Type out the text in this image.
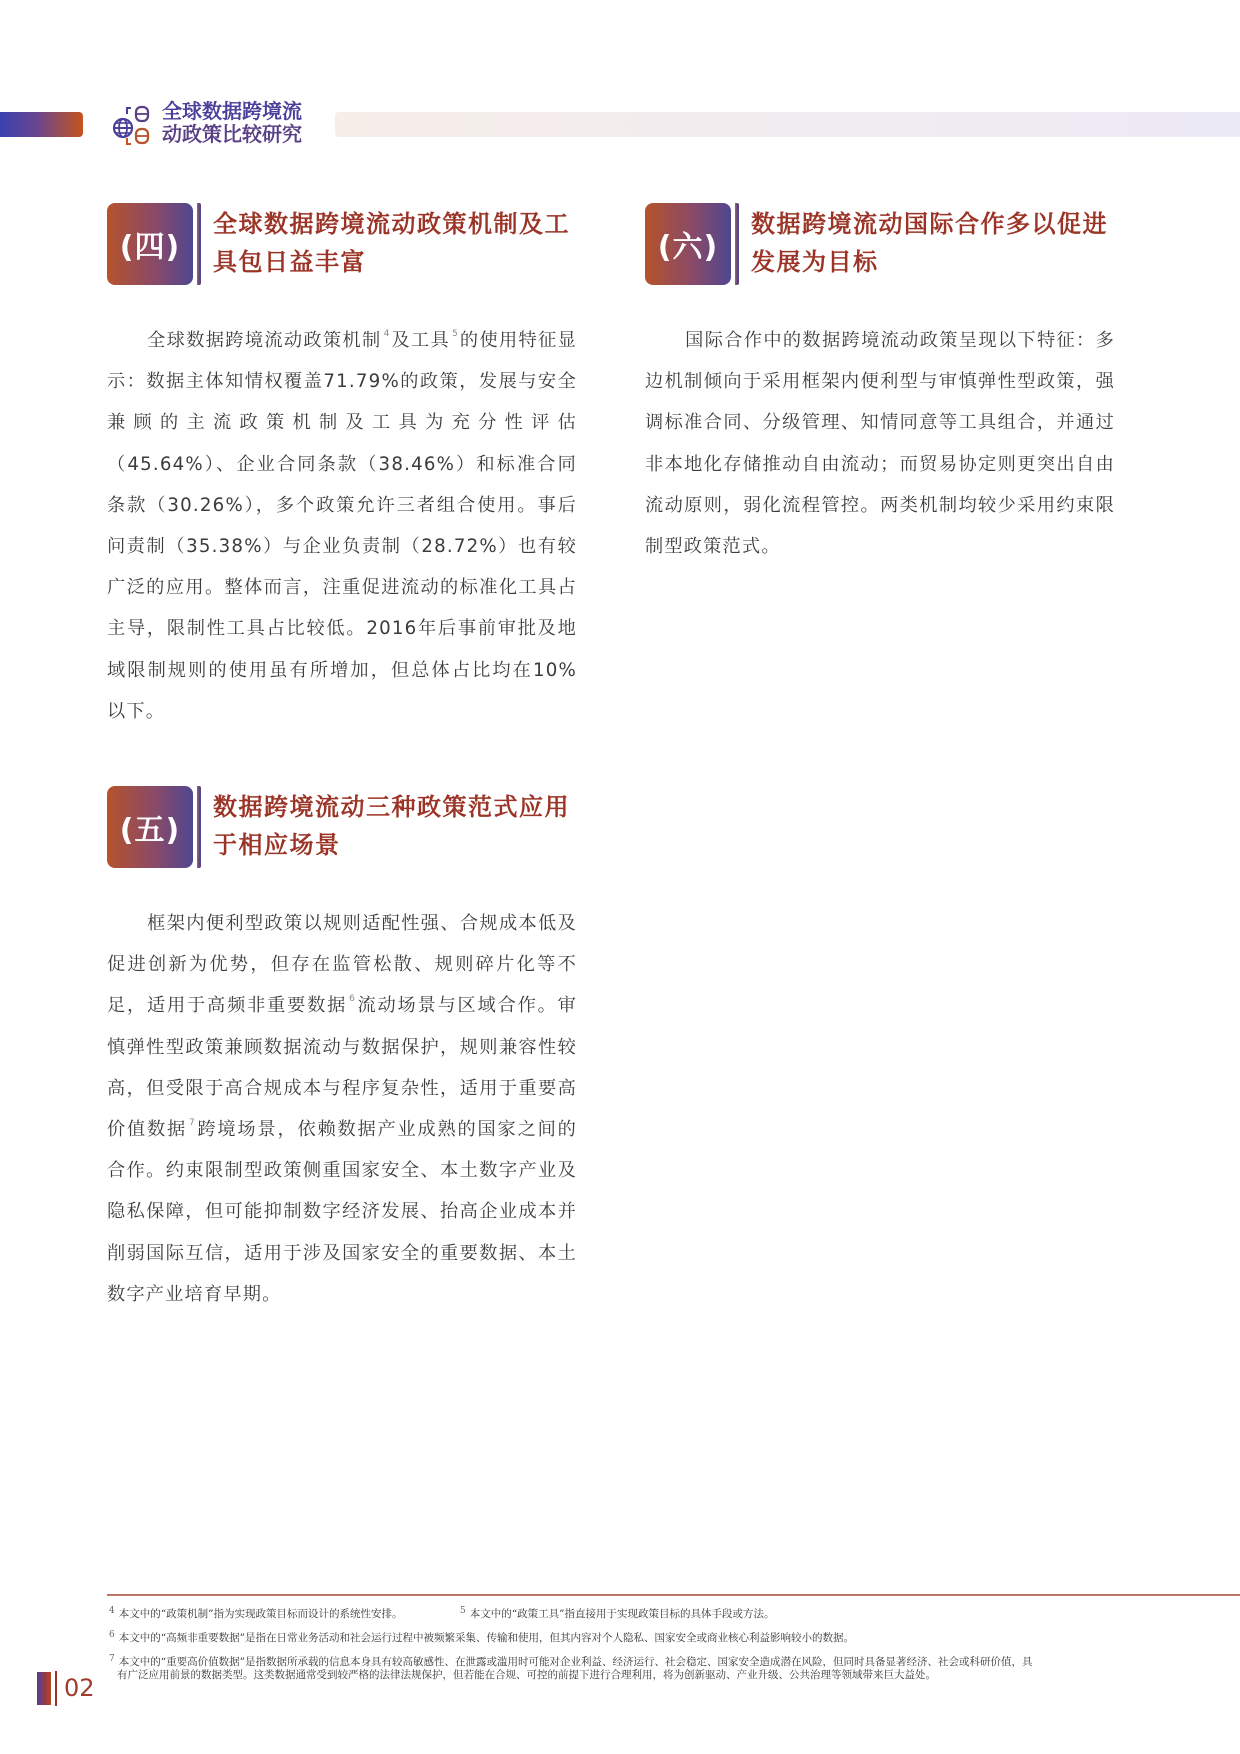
全球数据跨境流
动政策比较研究
(四)
全球数据跨境流动政策机制及工具包日益丰富
全球数据跨境流动政策机制 $^4$ 及工具 $^5$ 的使用特征显示：数据主体知情权覆盖71.79%的政策，发展与安全兼顾的主流政策机制及工具为充分性评估（45.64%）、企业合同条款（38.46%）和标准合同条款（30.26%），多个政策允许三者组合使用。事后问责制（35.38%）与企业负责制（28.72%）也有较广泛的应用。整体而言，注重促进流动的标准化工具占主导，限制性工具占比较低。2016年后事前审批及地域限制规则的使用虽有所增加，但总体占比均在10%以下。
(五)
数据跨境流动三种政策范式应用于相应场景
框架内便利型政策以规则适配性强、合规成本低及促进创新为优势，但存在监管松散、规则碎片化等不足，适用于高频非重要数据 $^6$ 流动场景与区域合作。审慎弹性型政策兼顾数据流动与数据保护，规则兼容性较高，但受限于高合规成本与程序复杂性，适用于重要高价值数据 $^7$ 跨境场景，依赖数据产业成熟的国家之间的合作。约束限制型政策侧重国家安全、本土数字产业及隐私保障，但可能抑制数字经济发展、抬高企业成本并削弱国际互信，适用于涉及国家安全的重要数据、本土数字产业培育早期。
(六)
数据跨境流动国际合作多以促进发展为目标
国际合作中的数据跨境流动政策呈现以下特征：多边机制倾向于采用框架内便利型与审慎弹性型政策，强调标准合同、分级管理、知情同意等工具组合，并通过非本地化存储推动自由流动；而贸易协定则更突出自由流动原则，弱化流程管控。两类机制均较少采用约束限制型政策范式。
$^4$ 本文中的“政策机制”指为实现政策目标而设计的系统性安排。	$^5$ 本文中的“政策工具”指直接用于实现政策目标的具体手段或方法。
$^6$ 本文中的“高频非重要数据”是指在日常业务活动和社会运行过程中被频繁采集、传输和使用，但其内容对个人隐私、国家安全或商业核心利益影响较小的数据。
$^7$ 本文中的“重要高价值数据”是指数据所承载的信息本身具有较高敏感性、在泄露或滥用时可能对企业利益、经济运行、社会稳定、国家安全造成潜在风险，但同时具备显著经济、社会或科研价值，具
有广泛应用前景的数据类型。这类数据通常受到较严格的法律法规保护，但若能在合规、可控的前提下进行合理利用，将为创新驱动、产业升级、公共治理等领域带来巨大益处。
02
